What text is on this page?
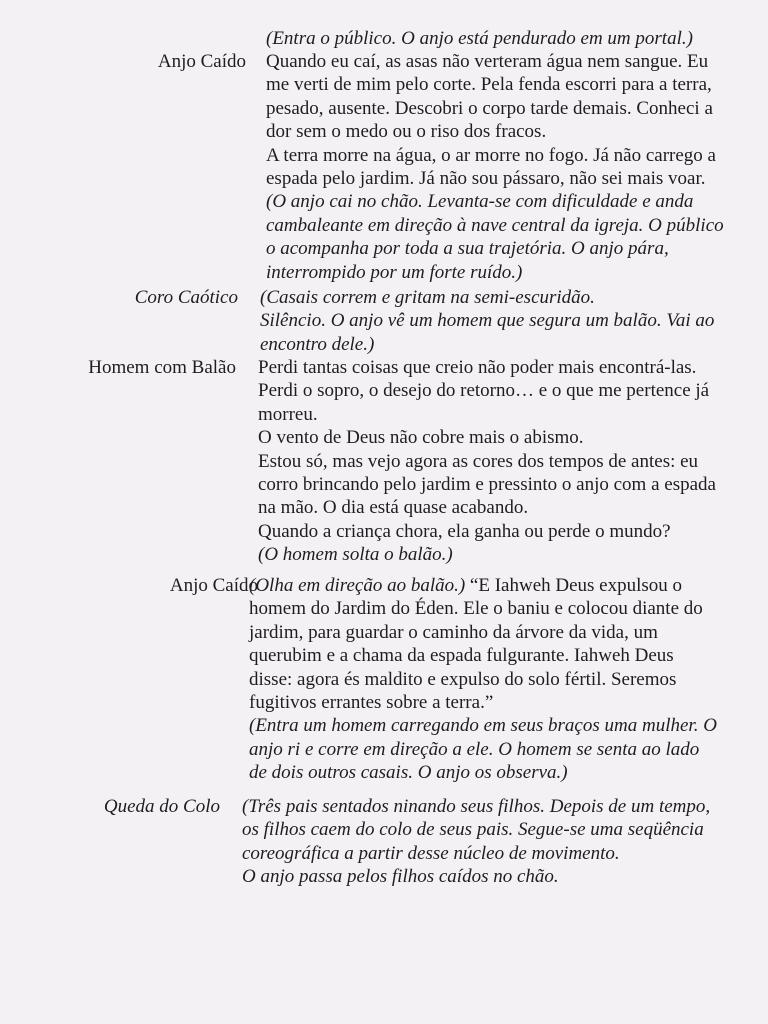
(Entra o público. O anjo está pendurado em um portal.)

Anjo Caído Quando eu caí, as asas não verteram água nem sangue. Eu me verti de mim pelo corte. Pela fenda escorri para a terra, pesado, ausente. Descobri o corpo tarde demais. Conheci a dor sem o medo ou o riso dos fracos.

A terra morre na água, o ar morre no fogo. Já não carrego a espada pelo jardim. Já não sou pássaro, não sei mais voar.

(O anjo cai no chão. Levanta-se com dificuldade e anda cambaleante em direção à nave central da igreja. O público o acompanha por toda a sua trajetória. O anjo pára, interrompido por um forte ruído.)

Coro Caótico (Casais correm e gritam na semi-escuridão.

Silêncio. O anjo vê um homem que segura um balão. Vai ao encontro dele.)

Homem com Balão Perdi tantas coisas que creio não poder mais encontrá-las. Perdi o sopro, o desejo do retorno… e o que me pertence já morreu.

O vento de Deus não cobre mais o abismo.

Estou só, mas vejo agora as cores dos tempos de antes: eu corro brincando pelo jardim e pressinto o anjo com a espada na mão. O dia está quase acabando.

Quando a criança chora, ela ganha ou perde o mundo?

(O homem solta o balão.)

Anjo Caído

(Olha em direção ao balão.) “E Iahweh Deus expulsou o homem do Jardim do Éden. Ele o baniu e colocou diante do jardim, para guardar o caminho da árvore da vida, um querubim e a chama da espada fulgurante. Iahweh Deus disse: agora és maldito e expulso do solo fértil. Seremos fugitivos errantes sobre a terra.”

(Entra um homem carregando em seus braços uma mulher. O anjo ri e corre em direção a ele. O homem se senta ao lado de dois outros casais. O anjo os observa.)

Queda do Colo (Três pais sentados ninando seus filhos. Depois de um tempo, os filhos caem do colo de seus pais. Segue-se uma seqüência coreográfica a partir desse núcleo de movimento.

O anjo passa pelos filhos caídos no chão.
